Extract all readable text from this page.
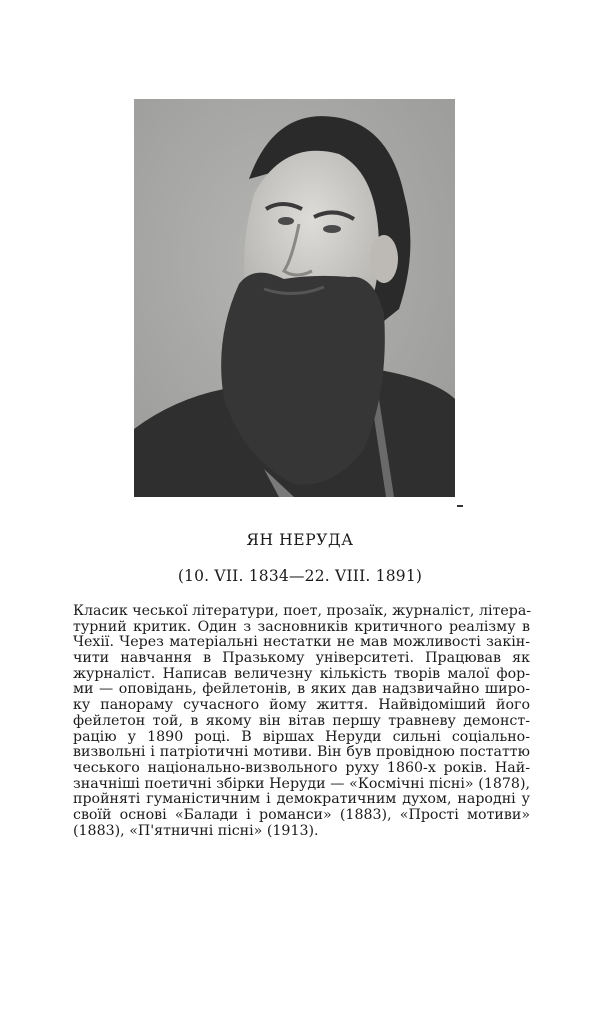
ЯН НЕРУДА
(10. VII. 1834—22. VIII. 1891)
Класик чеської літератури, поет, прозаїк, журналіст, літера-
турний критик. Один з засновників критичного реалізму в
Чехії. Через матеріальні нестатки не мав можливості закін-
чити навчання в Празькому університеті. Працював як
журналіст. Написав величезну кількість творів малої фор-
ми — оповідань, фейлетонів, в яких дав надзвичайно широ-
ку панораму сучасного йому життя. Найвідоміший його
фейлетон той, в якому він вітав першу травневу демонст-
рацію у 1890 році. В віршах Неруди сильні соціально-
визвольні і патріотичні мотиви. Він був провідною постаттю
чеського національно-визвольного руху 1860-х років. Най-
значніші поетичні збірки Неруди — «Космічні пісні» (1878),
пройняті гуманістичним і демократичним духом, народні у
своїй основі «Балади і романси» (1883), «Прості мотиви»
(1883), «П'ятничні пісні» (1913).
